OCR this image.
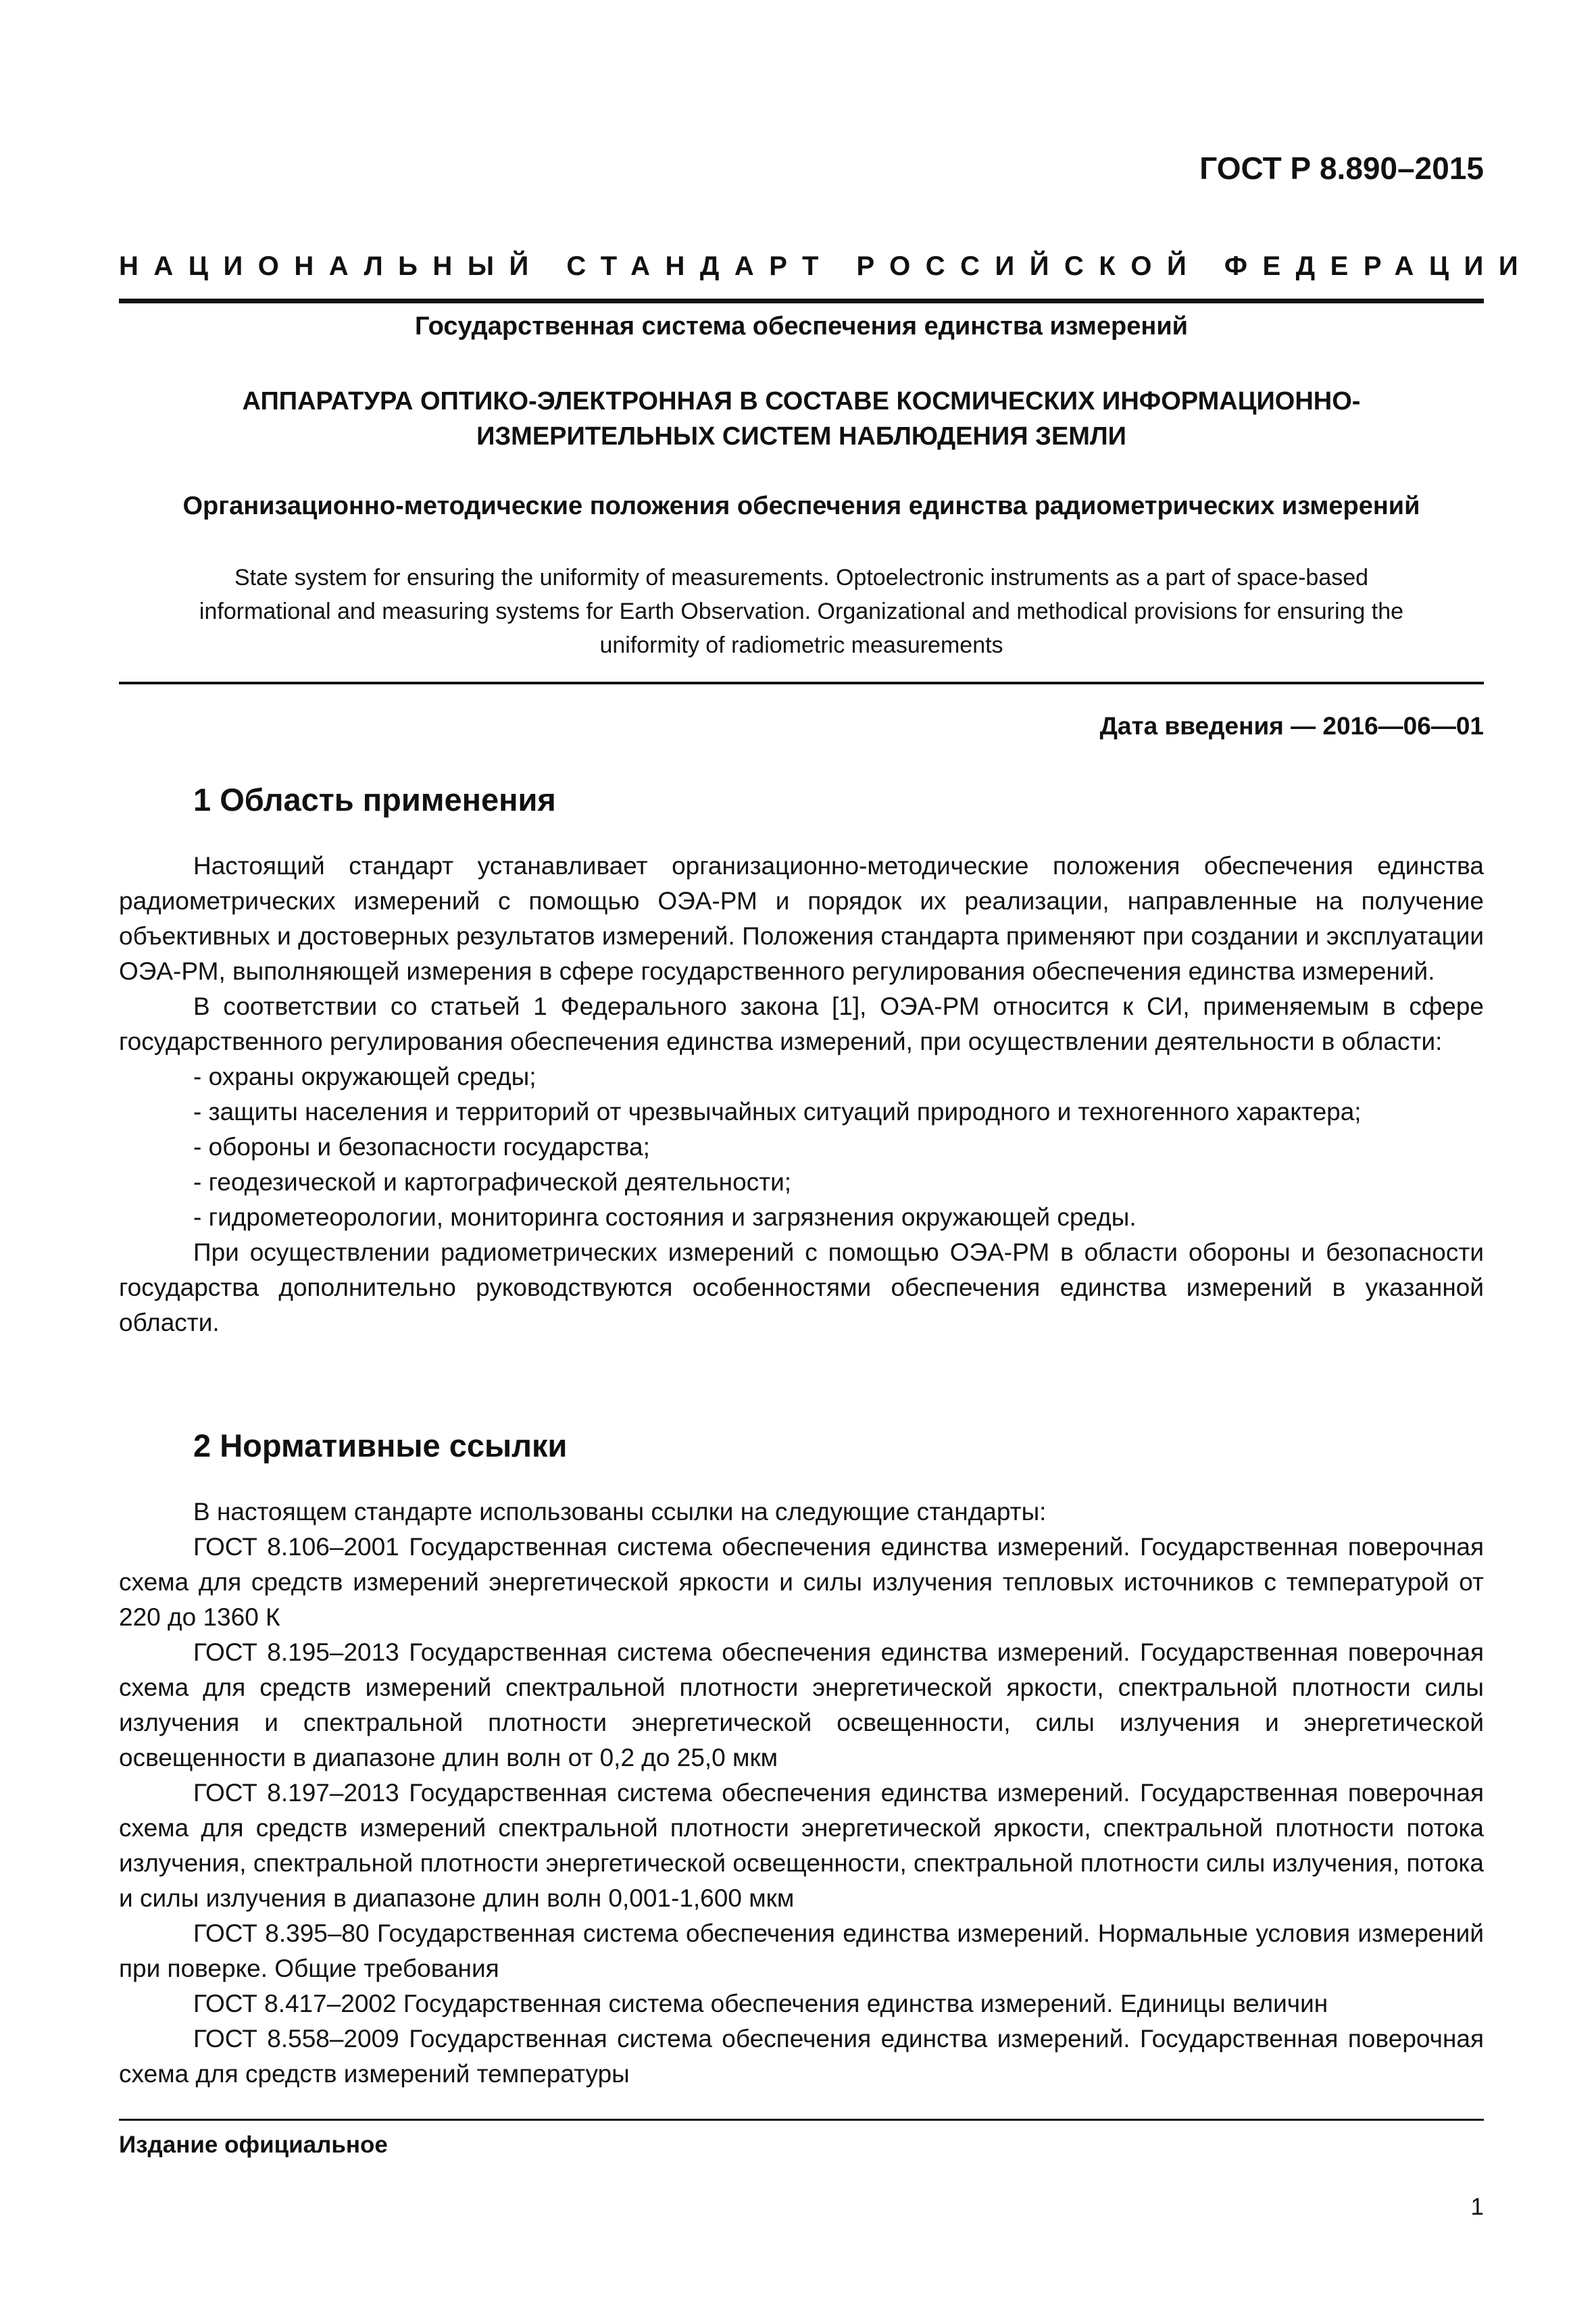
ГОСТ Р 8.890–2015
НАЦИОНАЛЬНЫЙ СТАНДАРТ РОССИЙСКОЙ ФЕДЕРАЦИИ
Государственная система обеспечения единства измерений
АППАРАТУРА ОПТИКО-ЭЛЕКТРОННАЯ В СОСТАВЕ КОСМИЧЕСКИХ ИНФОРМАЦИОННО-
ИЗМЕРИТЕЛЬНЫХ СИСТЕМ НАБЛЮДЕНИЯ ЗЕМЛИ
Организационно-методические положения обеспечения единства радиометрических измерений
State system for ensuring the uniformity of measurements. Optoelectronic instruments as a part of space-based
informational and measuring systems for Earth Observation. Organizational and methodical provisions for ensuring the
uniformity of radiometric measurements
Дата введения — 2016—06—01
1 Область применения

Настоящий стандарт устанавливает организационно-методические положения обеспечения единства радиометрических измерений с помощью ОЭА-РМ и порядок их реализации, направленные на получение объективных и достоверных результатов измерений. Положения стандарта применяют при создании и эксплуатации ОЭА-РМ, выполняющей измерения в сфере государственного регулирования обеспечения единства измерений.

В соответствии со статьей 1 Федерального закона [1], ОЭА-РМ относится к СИ, применяемым в сфере государственного регулирования обеспечения единства измерений, при осуществлении деятельности в области:

- охраны окружающей среды;

- защиты населения и территорий от чрезвычайных ситуаций природного и техногенного характера;

- обороны и безопасности государства;

- геодезической и картографической деятельности;

- гидрометеорологии, мониторинга состояния и загрязнения окружающей среды.

При осуществлении радиометрических измерений с помощью ОЭА-РМ в области обороны и безопасности государства дополнительно руководствуются особенностями обеспечения единства измерений в указанной области.

2 Нормативные ссылки

В настоящем стандарте использованы ссылки на следующие стандарты:

ГОСТ 8.106–2001 Государственная система обеспечения единства измерений. Государственная поверочная схема для средств измерений энергетической яркости и силы излучения тепловых источников с температурой от 220 до 1360 К

ГОСТ 8.195–2013 Государственная система обеспечения единства измерений. Государственная поверочная схема для средств измерений спектральной плотности энергетической яркости, спектральной плотности силы излучения и спектральной плотности энергетической освещенности, силы излучения и энергетической освещенности в диапазоне длин волн от 0,2 до 25,0 мкм

ГОСТ 8.197–2013 Государственная система обеспечения единства измерений. Государственная поверочная схема для средств измерений спектральной плотности энергетической яркости, спектральной плотности потока излучения, спектральной плотности энергетической освещенности, спектральной плотности силы излучения, потока и силы излучения в диапазоне длин волн 0,001-1,600 мкм

ГОСТ 8.395–80 Государственная система обеспечения единства измерений. Нормальные условия измерений при поверке. Общие требования

ГОСТ 8.417–2002 Государственная система обеспечения единства измерений. Единицы величин

ГОСТ 8.558–2009 Государственная система обеспечения единства измерений. Государственная поверочная схема для средств измерений температуры

Издание официальное
1
